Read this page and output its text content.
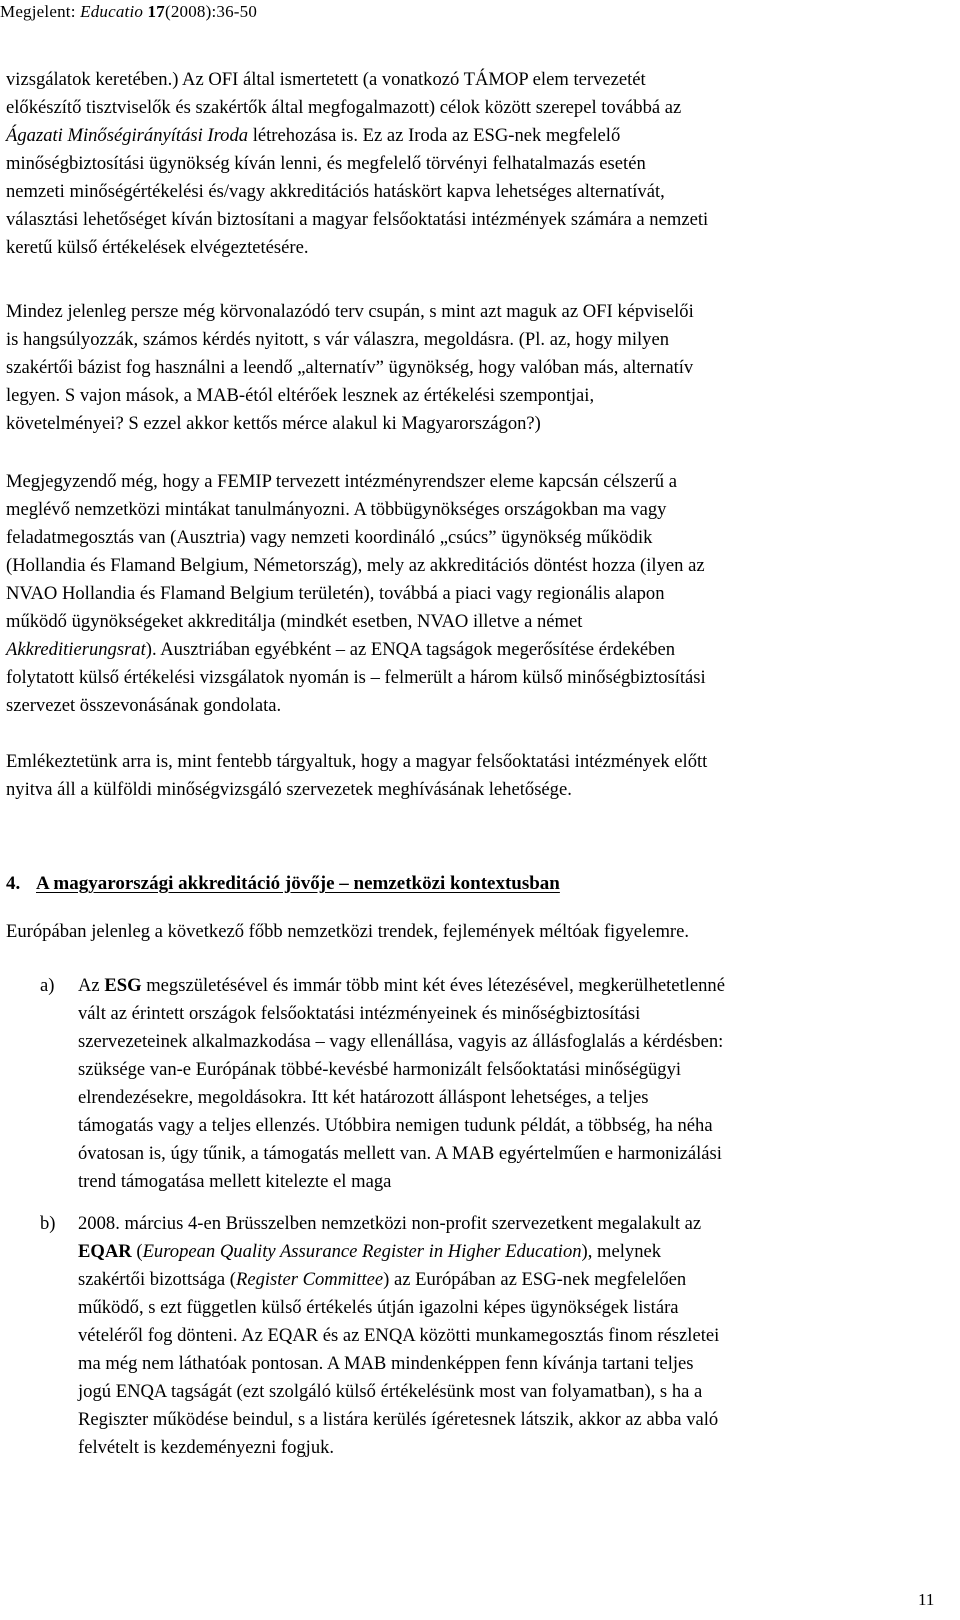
Megjelent: Educatio 17(2008):36-50
vizsgálatok keretében.) Az OFI által ismertetett (a vonatkozó TÁMOP elem tervezetét
előkészítő tisztviselők és szakértők által megfogalmazott) célok között szerepel továbbá az
Ágazati Minőségirányítási Iroda létrehozása is. Ez az Iroda az ESG-nek megfelelő
minőségbiztosítási ügynökség kíván lenni, és megfelelő törvényi felhatalmazás esetén
nemzeti minőségértékelési és/vagy akkreditációs hatáskört kapva lehetséges alternatívát,
választási lehetőséget kíván biztosítani a magyar felsőoktatási intézmények számára a nemzeti
keretű külső értékelések elvégeztetésére.
Mindez jelenleg persze még körvonalazódó terv csupán, s mint azt maguk az OFI képviselői
is hangsúlyozzák, számos kérdés nyitott, s vár válaszra, megoldásra. (Pl. az, hogy milyen
szakértői bázist fog használni a leendő „alternatív” ügynökség, hogy valóban más, alternatív
legyen. S vajon mások, a MAB-étól eltérőek lesznek az értékelési szempontjai,
követelményei? S ezzel akkor kettős mérce alakul ki Magyarországon?)
Megjegyzendő még, hogy a FEMIP tervezett intézményrendszer eleme kapcsán célszerű a
meglévő nemzetközi mintákat tanulmányozni. A többügynökséges országokban ma vagy
feladatmegosztás van (Ausztria) vagy nemzeti koordináló „csúcs” ügynökség működik
(Hollandia és Flamand Belgium, Németország), mely az akkreditációs döntést hozza (ilyen az
NVAO Hollandia és Flamand Belgium területén), továbbá a piaci vagy regionális alapon
működő ügynökségeket akkreditálja (mindkét esetben, NVAO illetve a német
Akkreditierungsrat). Ausztriában egyébként – az ENQA tagságok megerősítése érdekében
folytatott külső értékelési vizsgálatok nyomán is – felmerült a három külső minőségbiztosítási
szervezet összevonásának gondolata.
Emlékeztetünk arra is, mint fentebb tárgyaltuk, hogy a magyar felsőoktatási intézmények előtt
nyitva áll a külföldi minőségvizsgáló szervezetek meghívásának lehetősége.
4. A magyarországi akkreditáció jövője – nemzetközi kontextusban
Európában jelenleg a következő főbb nemzetközi trendek, fejlemények méltóak figyelemre.
a) Az ESG megszületésével és immár több mint két éves létezésével, megkerülhetetlenné
vált az érintett országok felsőoktatási intézményeinek és minőségbiztosítási
szervezeteinek alkalmazkodása – vagy ellenállása, vagyis az állásfoglalás a kérdésben:
szüksége van-e Európának többé-kevésbé harmonizált felsőoktatási minőségügyi
elrendezésekre, megoldásokra. Itt két határozott álláspont lehetséges, a teljes
támogatás vagy a teljes ellenzés. Utóbbira nemigen tudunk példát, a többség, ha néha
óvatosan is, úgy tűnik, a támogatás mellett van. A MAB egyértelműen e harmonizálási
trend támogatása mellett kitelezte el maga
b) 2008. március 4-en Brüsszelben nemzetközi non-profit szervezetkent megalakult az
EQAR (European Quality Assurance Register in Higher Education), melynek
szakértői bizottsága (Register Committee) az Európában az ESG-nek megfelelően
működő, s ezt független külső értékelés útján igazolni képes ügynökségek listára
vételéről fog dönteni. Az EQAR és az ENQA közötti munkamegosztás finom részletei
ma még nem láthatóak pontosan. A MAB mindenképpen fenn kívánja tartani teljes
jogú ENQA tagságát (ezt szolgáló külső értékelésünk most van folyamatban), s ha a
Regiszter működése beindul, s a listára kerülés ígéretesnek látszik, akkor az abba való
felvételt is kezdeményezni fogjuk.
11
